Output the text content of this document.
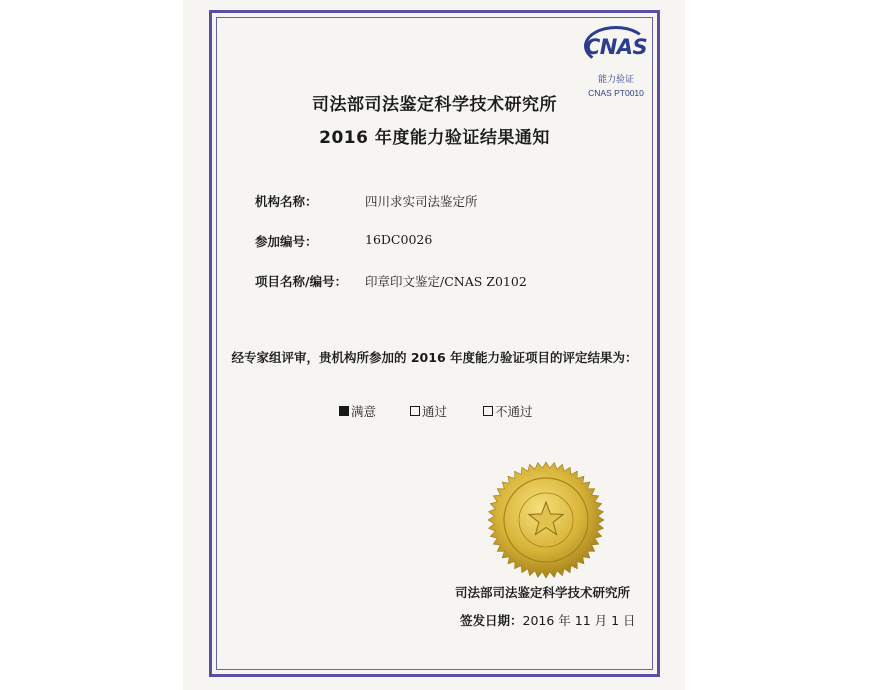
CNAS
能力验证
CNAS PT0010
司法部司法鉴定科学技术研究所
2016 年度能力验证结果通知
机构名称：	四川求实司法鉴定所
参加编号：	16DC0026
项目名称/编号： 印章印文鉴定/CNAS Z0102
经专家组评审，贵机构所参加的 2016 年度能力验证项目的评定结果为：
满意	通过	不通过
司法部司法鉴定科学技术研究所
签发日期：2016 年 11 月 1 日
